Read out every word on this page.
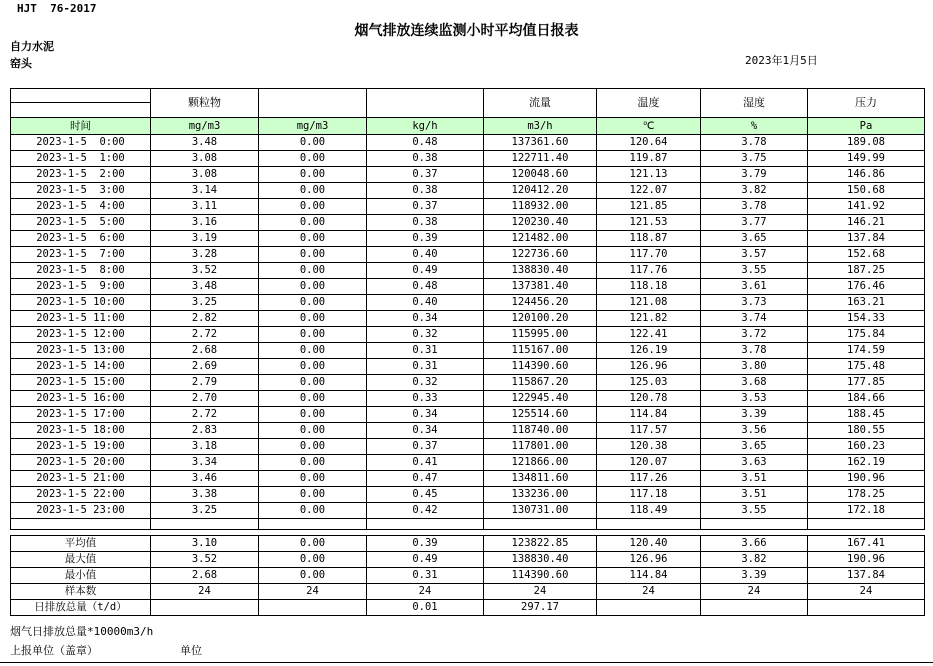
HJT  76-2017
烟气排放连续监测小时平均值日报表
自力水泥
窑头	2023年1月5日
	颗粒物			流量	温度	湿度	压力
时间	mg/m3	mg/m3	kg/h	m3/h	℃	%	Pa
2023-1-5  0:00	3.48	0.00	0.48	137361.60	120.64	3.78	189.08
2023-1-5  1:00	3.08	0.00	0.38	122711.40	119.87	3.75	149.99
2023-1-5  2:00	3.08	0.00	0.37	120048.60	121.13	3.79	146.86
2023-1-5  3:00	3.14	0.00	0.38	120412.20	122.07	3.82	150.68
2023-1-5  4:00	3.11	0.00	0.37	118932.00	121.85	3.78	141.92
2023-1-5  5:00	3.16	0.00	0.38	120230.40	121.53	3.77	146.21
2023-1-5  6:00	3.19	0.00	0.39	121482.00	118.87	3.65	137.84
2023-1-5  7:00	3.28	0.00	0.40	122736.60	117.70	3.57	152.68
2023-1-5  8:00	3.52	0.00	0.49	138830.40	117.76	3.55	187.25
2023-1-5  9:00	3.48	0.00	0.48	137381.40	118.18	3.61	176.46
2023-1-5 10:00	3.25	0.00	0.40	124456.20	121.08	3.73	163.21
2023-1-5 11:00	2.82	0.00	0.34	120100.20	121.82	3.74	154.33
2023-1-5 12:00	2.72	0.00	0.32	115995.00	122.41	3.72	175.84
2023-1-5 13:00	2.68	0.00	0.31	115167.00	126.19	3.78	174.59
2023-1-5 14:00	2.69	0.00	0.31	114390.60	126.96	3.80	175.48
2023-1-5 15:00	2.79	0.00	0.32	115867.20	125.03	3.68	177.85
2023-1-5 16:00	2.70	0.00	0.33	122945.40	120.78	3.53	184.66
2023-1-5 17:00	2.72	0.00	0.34	125514.60	114.84	3.39	188.45
2023-1-5 18:00	2.83	0.00	0.34	118740.00	117.57	3.56	180.55
2023-1-5 19:00	3.18	0.00	0.37	117801.00	120.38	3.65	160.23
2023-1-5 20:00	3.34	0.00	0.41	121866.00	120.07	3.63	162.19
2023-1-5 21:00	3.46	0.00	0.47	134811.60	117.26	3.51	190.96
2023-1-5 22:00	3.38	0.00	0.45	133236.00	117.18	3.51	178.25
2023-1-5 23:00	3.25	0.00	0.42	130731.00	118.49	3.55	172.18

平均值	3.10	0.00	0.39	123822.85	120.40	3.66	167.41
最大值	3.52	0.00	0.49	138830.40	126.96	3.82	190.96
最小值	2.68	0.00	0.31	114390.60	114.84	3.39	137.84
样本数	24	24	24	24	24	24	24
日排放总量（t/d）			0.01	297.17			
烟气日排放总量*10000m3/h
上报单位（盖章）	单位
